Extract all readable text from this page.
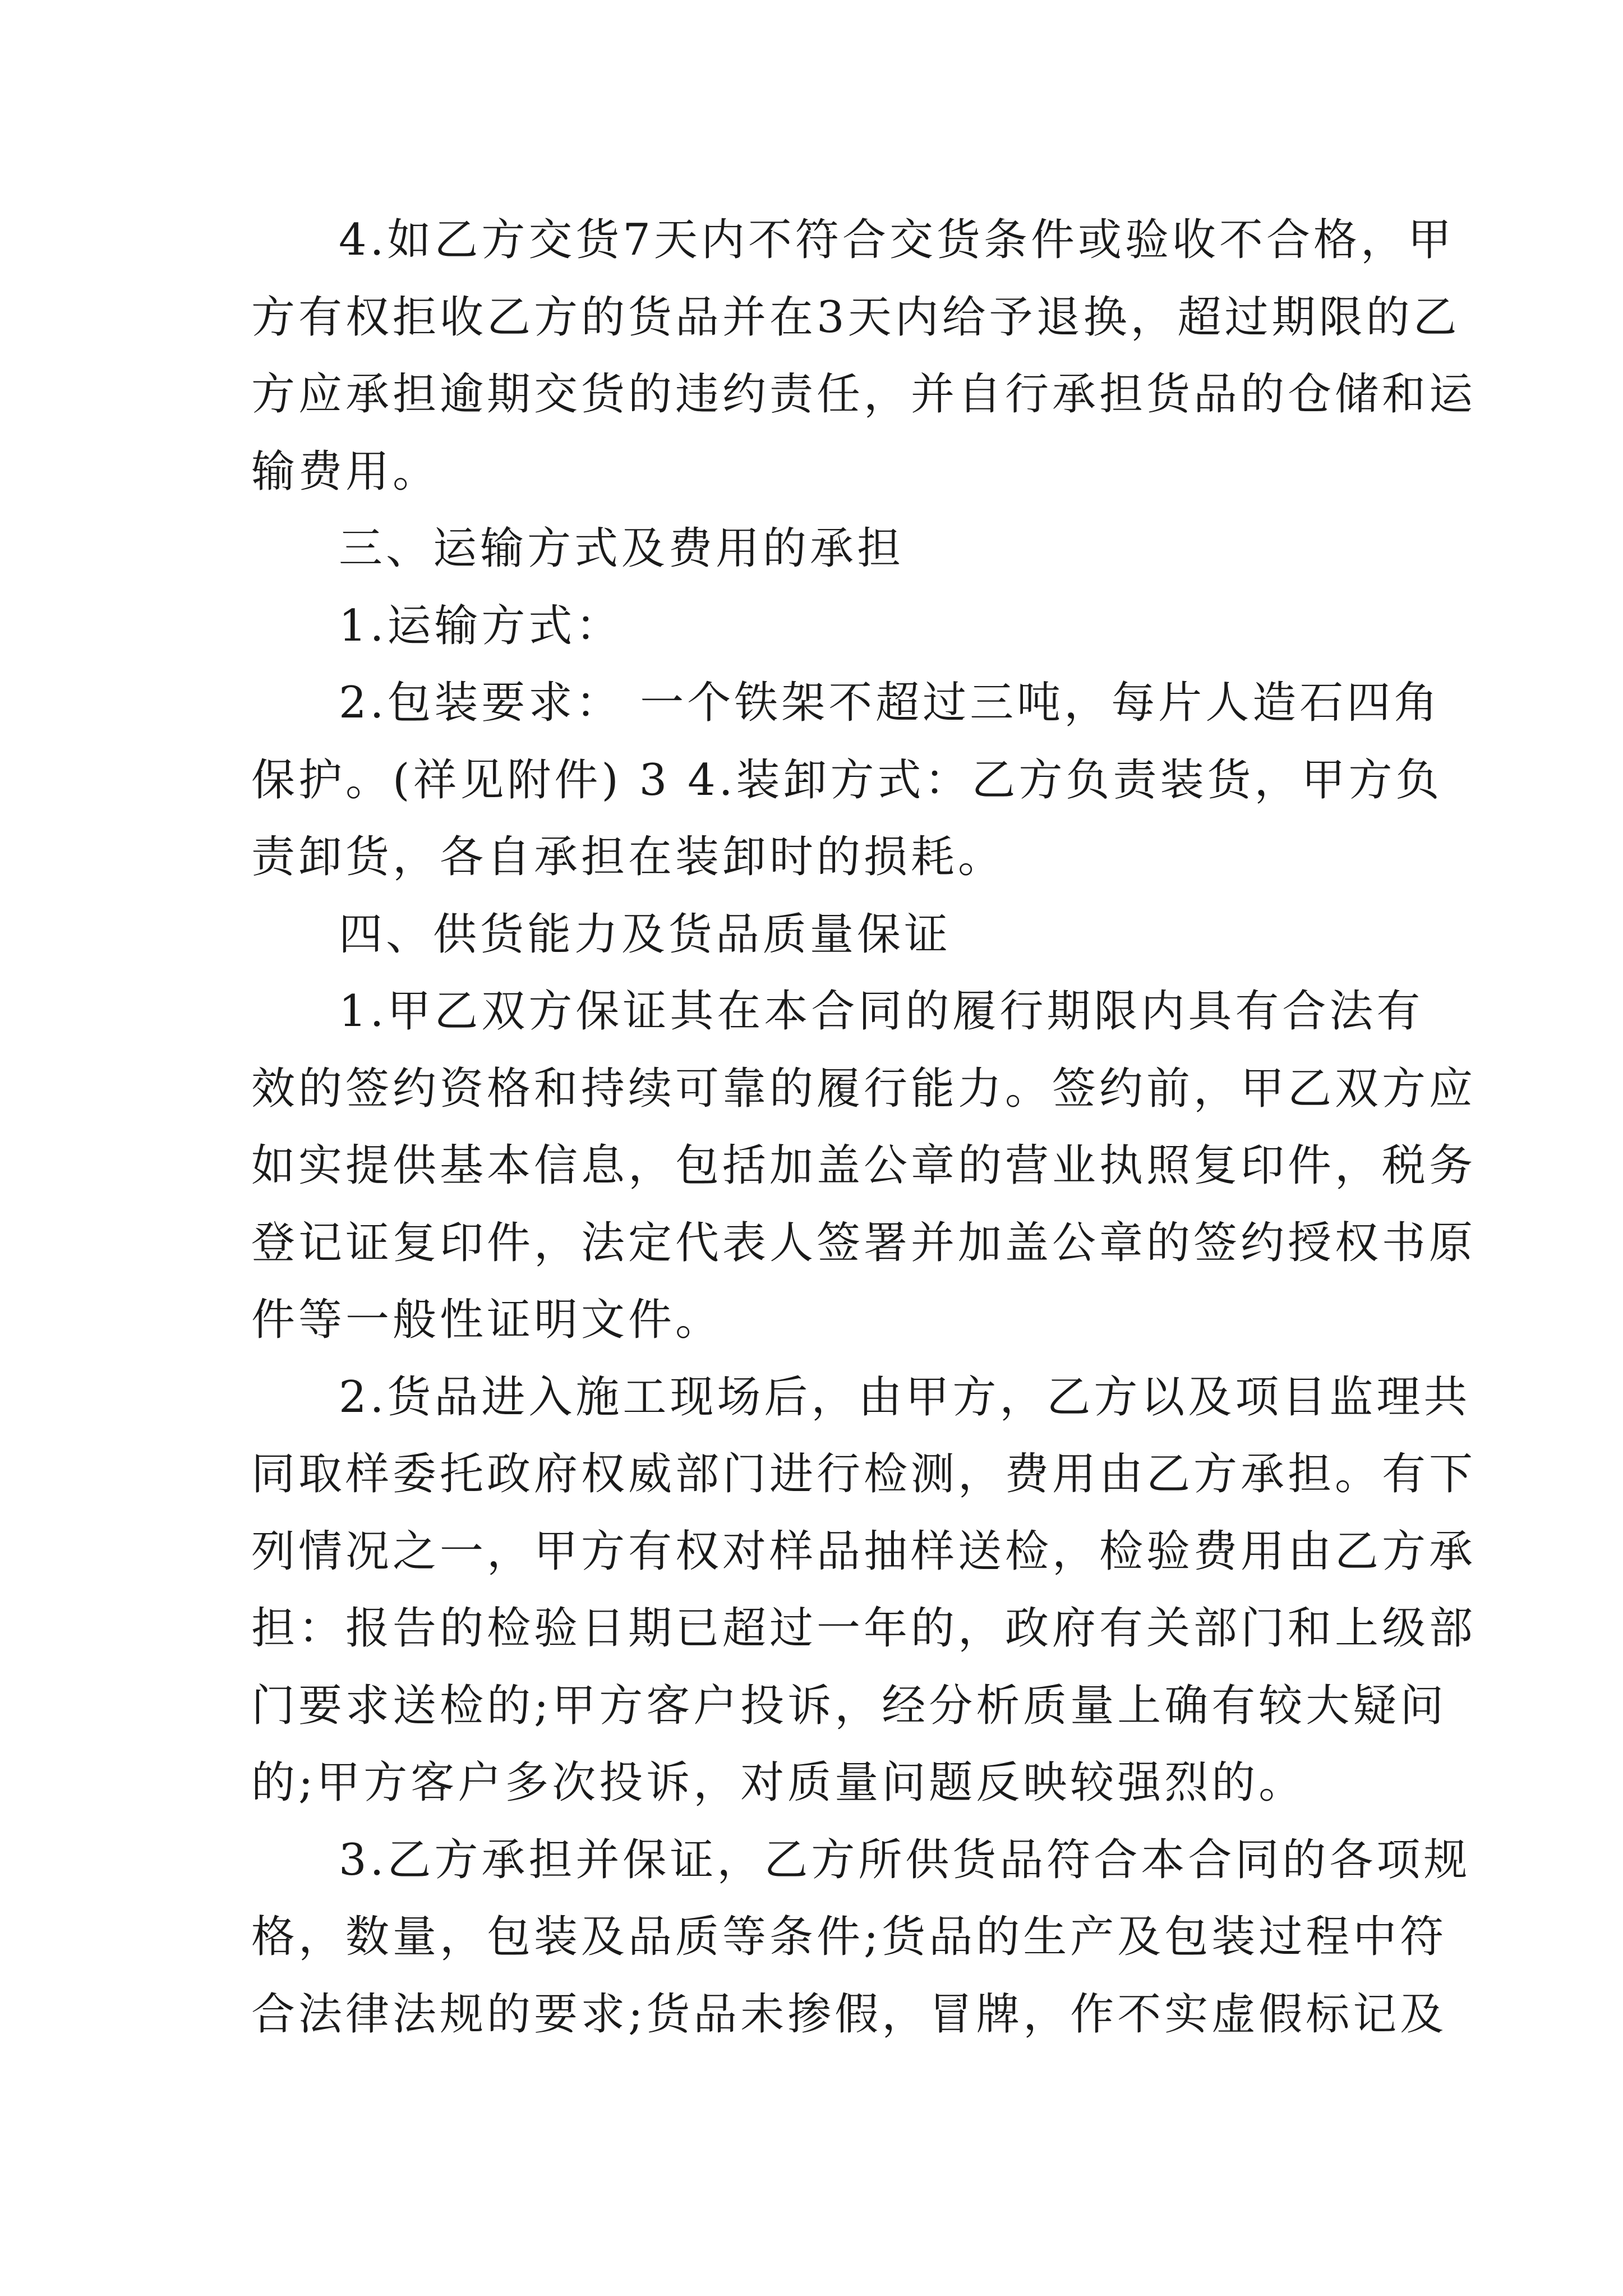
4.如乙方交货7天内不符合交货条件或验收不合格，甲
方有权拒收乙方的货品并在3天内给予退换，超过期限的乙
方应承担逾期交货的违约责任，并自行承担货品的仓储和运
输费用。
三、运输方式及费用的承担
1.运输方式：
2.包装要求： 一个铁架不超过三吨，每片人造石四角
保护。(祥见附件) 3 4.装卸方式：乙方负责装货，甲方负
责卸货，各自承担在装卸时的损耗。
四、供货能力及货品质量保证
1.甲乙双方保证其在本合同的履行期限内具有合法有
效的签约资格和持续可靠的履行能力。签约前，甲乙双方应
如实提供基本信息，包括加盖公章的营业执照复印件，税务
登记证复印件，法定代表人签署并加盖公章的签约授权书原
件等一般性证明文件。
2.货品进入施工现场后，由甲方，乙方以及项目监理共
同取样委托政府权威部门进行检测，费用由乙方承担。有下
列情况之一，甲方有权对样品抽样送检，检验费用由乙方承
担：报告的检验日期已超过一年的，政府有关部门和上级部
门要求送检的;甲方客户投诉，经分析质量上确有较大疑问
的;甲方客户多次投诉，对质量问题反映较强烈的。
3.乙方承担并保证，乙方所供货品符合本合同的各项规
格，数量，包装及品质等条件;货品的生产及包装过程中符
合法律法规的要求;货品未掺假，冒牌，作不实虚假标记及
